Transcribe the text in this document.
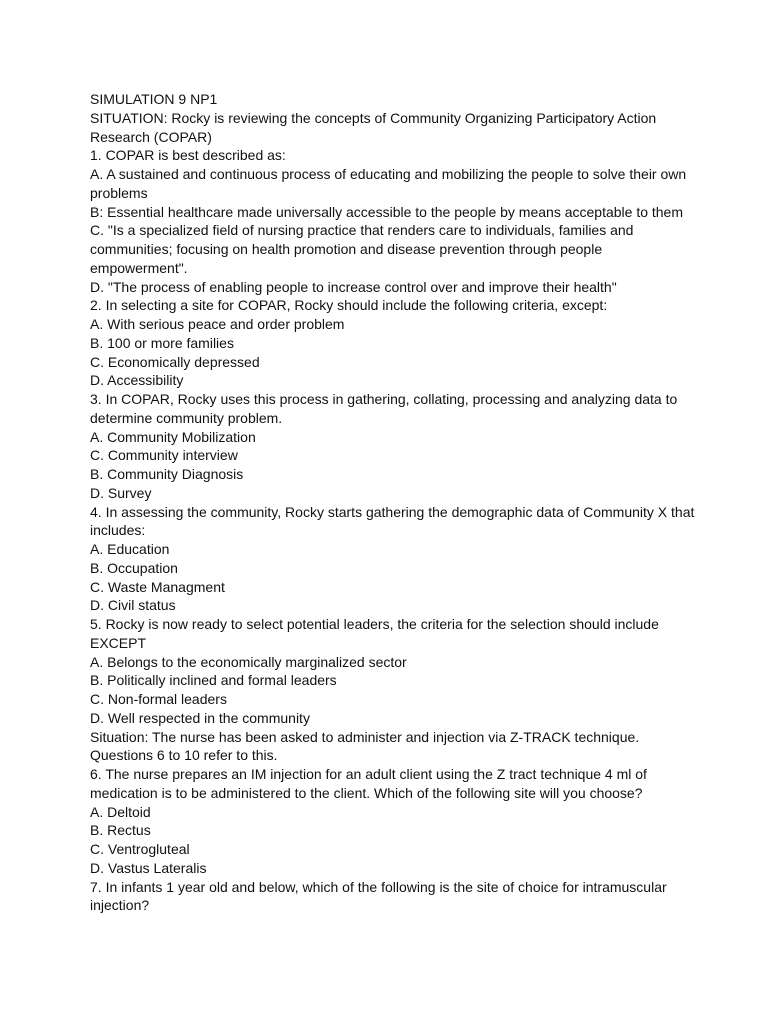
SIMULATION 9 NP1

SITUATION: Rocky is reviewing the concepts of Community Organizing Participatory Action Research (COPAR)

1. COPAR is best described as:

A. A sustained and continuous process of educating and mobilizing the people to solve their own problems

B: Essential healthcare made universally accessible to the people by means acceptable to them

C. "Is a specialized field of nursing practice that renders care to individuals, families and communities; focusing on health promotion and disease prevention through people empowerment".

D. "The process of enabling people to increase control over and improve their health"

2. In selecting a site for COPAR, Rocky should include the following criteria, except:

A. With serious peace and order problem

B. 100 or more families

C. Economically depressed

D. Accessibility

3. In COPAR, Rocky uses this process in gathering, collating, processing and analyzing data to determine community problem.

A. Community Mobilization

C. Community interview

B. Community Diagnosis

D. Survey

4. In assessing the community, Rocky starts gathering the demographic data of Community X that includes:

A. Education

B. Occupation

C. Waste Managment

D. Civil status

5. Rocky is now ready to select potential leaders, the criteria for the selection should include EXCEPT

A. Belongs to the economically marginalized sector

B. Politically inclined and formal leaders

C. Non-formal leaders

D. Well respected in the community

Situation: The nurse has been asked to administer and injection via Z-TRACK technique. Questions 6 to 10 refer to this.

6. The nurse prepares an IM injection for an adult client using the Z tract technique 4 ml of medication is to be administered to the client. Which of the following site will you choose?

A. Deltoid

B. Rectus

C. Ventrogluteal

D. Vastus Lateralis

7. In infants 1 year old and below, which of the following is the site of choice for intramuscular injection?
